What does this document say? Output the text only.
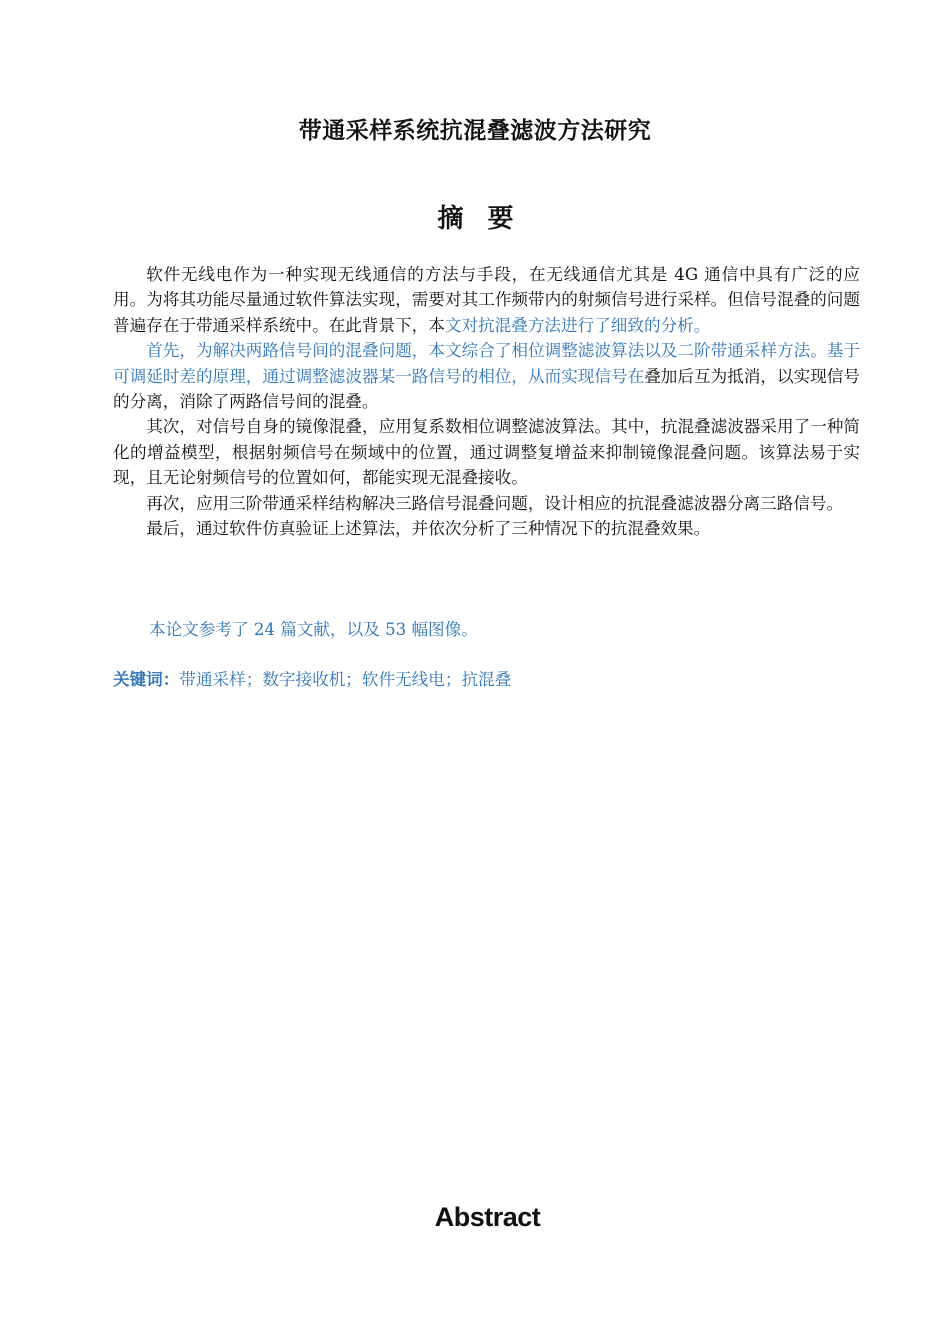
带通采样系统抗混叠滤波方法研究
摘要

软件无线电作为一种实现无线通信的方法与手段，在无线通信尤其是 4G 通信中具有广泛的应用。为将其功能尽量通过软件算法实现，需要对其工作频带内的射频信号进行采样。但信号混叠的问题普遍存在于带通采样系统中。在此背景下，本文对抗混叠方法进行了细致的分析。

首先，为解决两路信号间的混叠问题，本文综合了相位调整滤波算法以及二阶带通采样方法。基于可调延时差的原理，通过调整滤波器某一路信号的相位，从而实现信号在叠加后互为抵消，以实现信号的分离，消除了两路信号间的混叠。

其次，对信号自身的镜像混叠，应用复系数相位调整滤波算法。其中，抗混叠滤波器采用了一种简化的增益模型，根据射频信号在频域中的位置，通过调整复增益来抑制镜像混叠问题。该算法易于实现，且无论射频信号的位置如何，都能实现无混叠接收。

再次，应用三阶带通采样结构解决三路信号混叠问题，设计相应的抗混叠滤波器分离三路信号。

最后，通过软件仿真验证上述算法，并依次分析了三种情况下的抗混叠效果。

本论文参考了 24 篇文献，以及 53 幅图像。
关键词：带通采样；数字接收机；软件无线电；抗混叠
Abstract
